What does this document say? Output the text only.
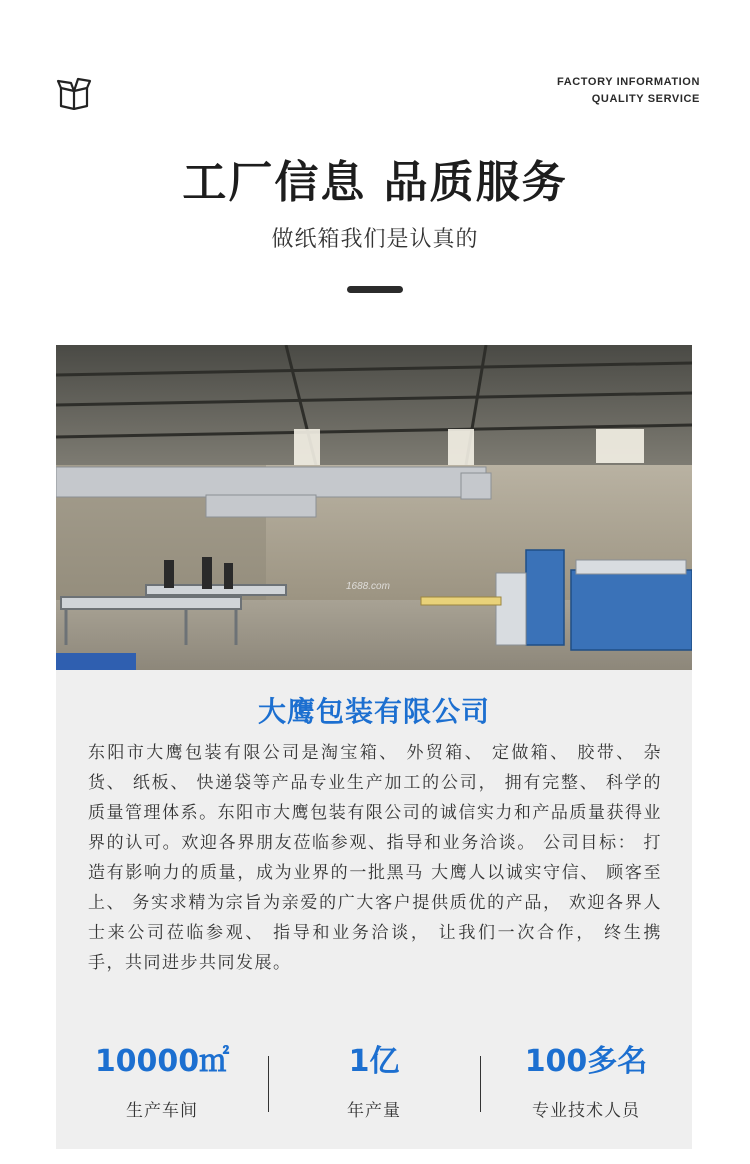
FACTORY INFORMATION
QUALITY SERVICE
工厂信息 品质服务
做纸箱我们是认真的
1688.com
大鹰包装有限公司
东阳市大鹰包装有限公司是淘宝箱、 外贸箱、 定做箱、 胶带、 杂货、 纸板、 快递袋等产品专业生产加工的公司， 拥有完整、 科学的质量管理体系。东阳市大鹰包装有限公司的诚信实力和产品质量获得业界的认可。欢迎各界朋友莅临参观、指导和业务洽谈。 公司目标： 打造有影响力的质量，成为业界的一批黑马 大鹰人以诚实守信、 顾客至上、 务实求精为宗旨为亲爱的广大客户提供质优的产品， 欢迎各界人士来公司莅临参观、 指导和业务洽谈， 让我们一次合作， 终生携手，共同进步共同发展。
10000㎡
生产车间
1亿
年产量
100多名
专业技术人员
